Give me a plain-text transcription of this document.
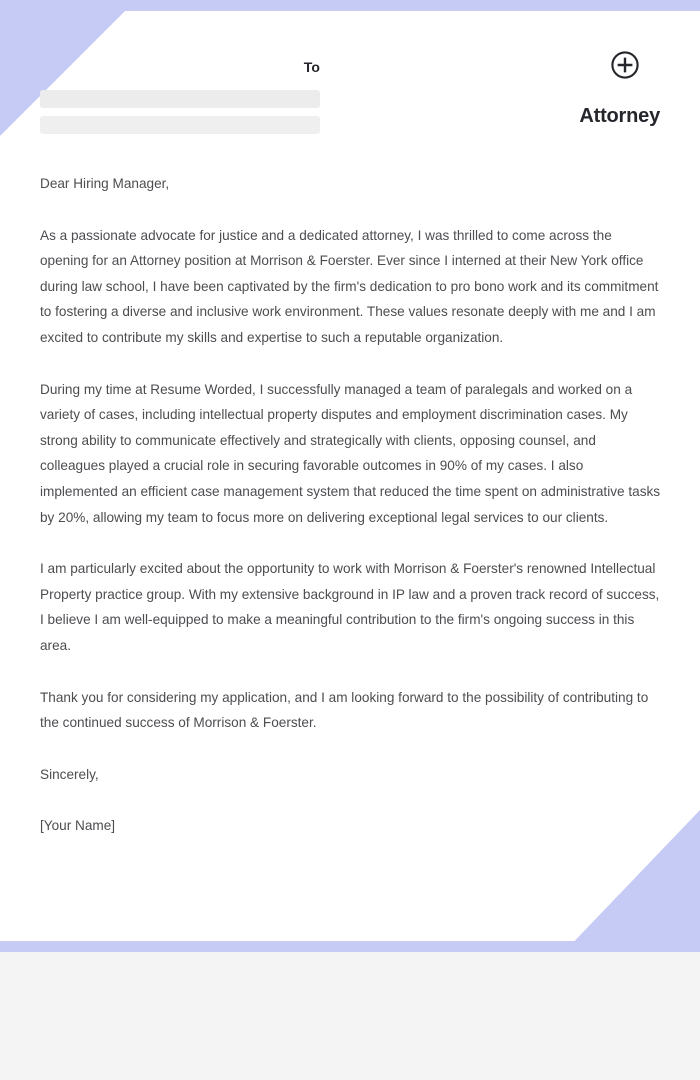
To
Attorney

Dear Hiring Manager,

As a passionate advocate for justice and a dedicated attorney, I was thrilled to come across the opening for an Attorney position at Morrison & Foerster. Ever since I interned at their New York office during law school, I have been captivated by the firm's dedication to pro bono work and its commitment to fostering a diverse and inclusive work environment. These values resonate deeply with me and I am excited to contribute my skills and expertise to such a reputable organization.

During my time at Resume Worded, I successfully managed a team of paralegals and worked on a variety of cases, including intellectual property disputes and employment discrimination cases. My strong ability to communicate effectively and strategically with clients, opposing counsel, and colleagues played a crucial role in securing favorable outcomes in 90% of my cases. I also implemented an efficient case management system that reduced the time spent on administrative tasks by 20%, allowing my team to focus more on delivering exceptional legal services to our clients.

I am particularly excited about the opportunity to work with Morrison & Foerster's renowned Intellectual Property practice group. With my extensive background in IP law and a proven track record of success, I believe I am well-equipped to make a meaningful contribution to the firm's ongoing success in this area.

Thank you for considering my application, and I am looking forward to the possibility of contributing to the continued success of Morrison & Foerster.

Sincerely,

[Your Name]
